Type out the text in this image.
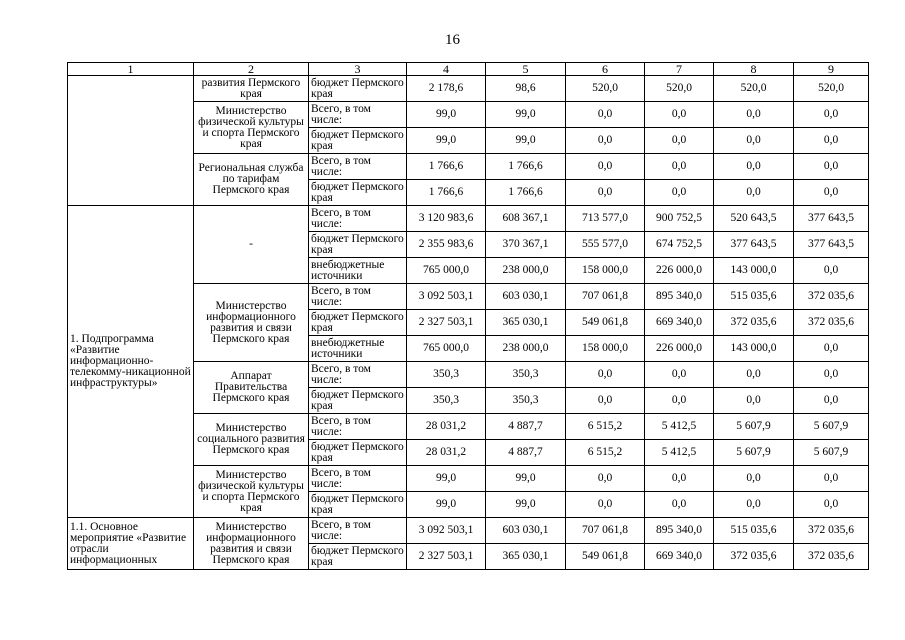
16
1	2	3	4	5	6	7	8	9
	развития Пермского края	бюджет Пермского края	2 178,6	98,6	520,0	520,0	520,0	520,0
	Министерство физической культуры и спорта Пермского края	Всего, в том числе:	99,0	99,0	0,0	0,0	0,0	0,0
		бюджет Пермского края	99,0	99,0	0,0	0,0	0,0	0,0
	Региональная служба по тарифам Пермского края	Всего, в том числе:	1 766,6	1 766,6	0,0	0,0	0,0	0,0
		бюджет Пермского края	1 766,6	1 766,6	0,0	0,0	0,0	0,0
1. Подпрограмма «Развитие информационно-телекомму-никационной инфраструктуры»	-	Всего, в том числе:	3 120 983,6	608 367,1	713 577,0	900 752,5	520 643,5	377 643,5
		бюджет Пермского края	2 355 983,6	370 367,1	555 577,0	674 752,5	377 643,5	377 643,5
		внебюджетные источники	765 000,0	238 000,0	158 000,0	226 000,0	143 000,0	0,0
	Министерство информационного развития и связи Пермского края	Всего, в том числе:	3 092 503,1	603 030,1	707 061,8	895 340,0	515 035,6	372 035,6
		бюджет Пермского края	2 327 503,1	365 030,1	549 061,8	669 340,0	372 035,6	372 035,6
		внебюджетные источники	765 000,0	238 000,0	158 000,0	226 000,0	143 000,0	0,0
	Аппарат Правительства Пермского края	Всего, в том числе:	350,3	350,3	0,0	0,0	0,0	0,0
		бюджет Пермского края	350,3	350,3	0,0	0,0	0,0	0,0
	Министерство социального развития Пермского края	Всего, в том числе:	28 031,2	4 887,7	6 515,2	5 412,5	5 607,9	5 607,9
		бюджет Пермского края	28 031,2	4 887,7	6 515,2	5 412,5	5 607,9	5 607,9
	Министерство физической культуры и спорта Пермского края	Всего, в том числе:	99,0	99,0	0,0	0,0	0,0	0,0
		бюджет Пермского края	99,0	99,0	0,0	0,0	0,0	0,0
1.1. Основное мероприятие «Развитие отрасли информационных	Министерство информационного развития и связи Пермского края	Всего, в том числе:	3 092 503,1	603 030,1	707 061,8	895 340,0	515 035,6	372 035,6
		бюджет Пермского края	2 327 503,1	365 030,1	549 061,8	669 340,0	372 035,6	372 035,6
